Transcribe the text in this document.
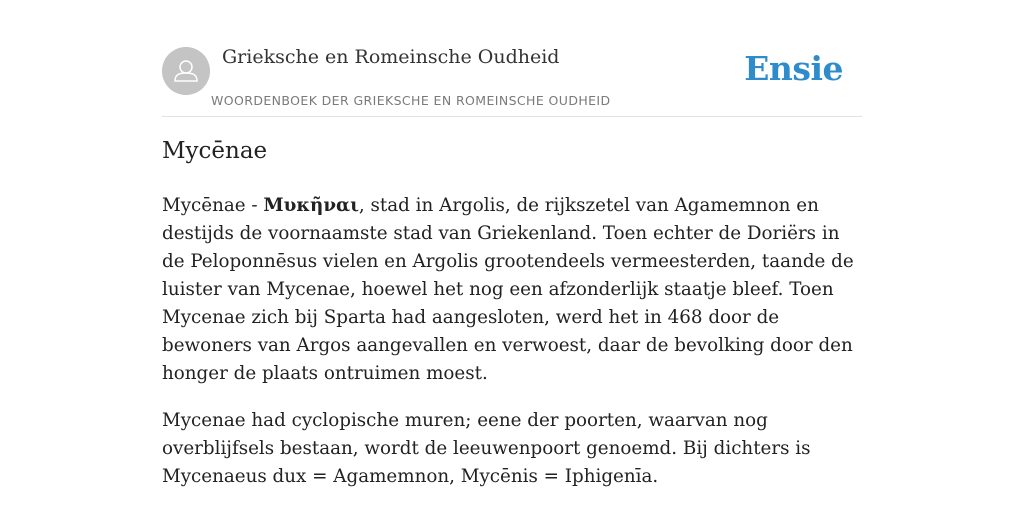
Grieksche en Romeinsche Oudheid
WOORDENBOEK DER GRIEKSCHE EN ROMEINSCHE OUDHEID
Ensie
Mycēnae

Mycēnae - Μυκῆναι, stad in Argolis, de rijkszetel van Agamemnon en destijds de voornaamste stad van Griekenland. Toen echter de Doriërs in de Peloponnēsus vielen en Argolis grootendeels vermeesterden, taande de luister van Mycenae, hoewel het nog een afzonderlijk staatje bleef. Toen Mycenae zich bij Sparta had aangesloten, werd het in 468 door de bewoners van Argos aangevallen en verwoest, daar de bevolking door den honger de plaats ontruimen moest.

Mycenae had cyclopische muren; eene der poorten, waarvan nog overblijfsels bestaan, wordt de leeuwenpoort genoemd. Bij dichters is Mycenaeus dux = Agamemnon, Mycēnis = Iphigenīa.
